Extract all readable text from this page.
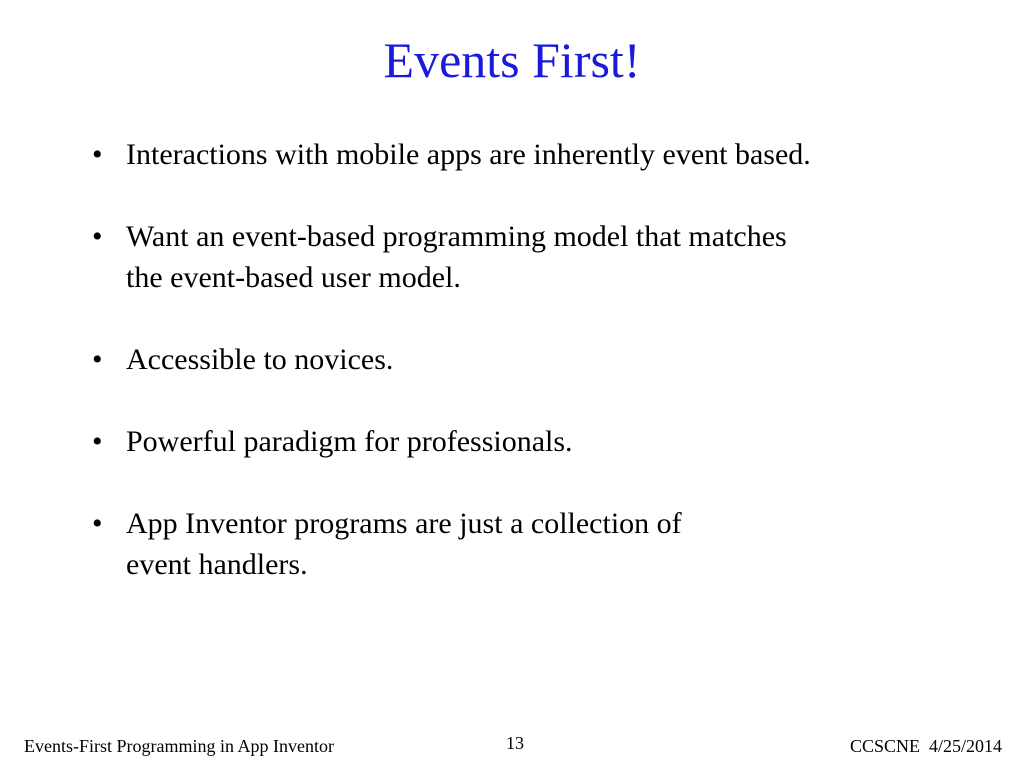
Events First!
• Interactions with mobile apps are inherently event based.
• Want an event-based programming model that matches
the event-based user model.
• Accessible to novices.
• Powerful paradigm for professionals.
• App Inventor programs are just a collection of
event handlers.
Events-First Programming in App Inventor	13	CCSCNE  4/25/2014
